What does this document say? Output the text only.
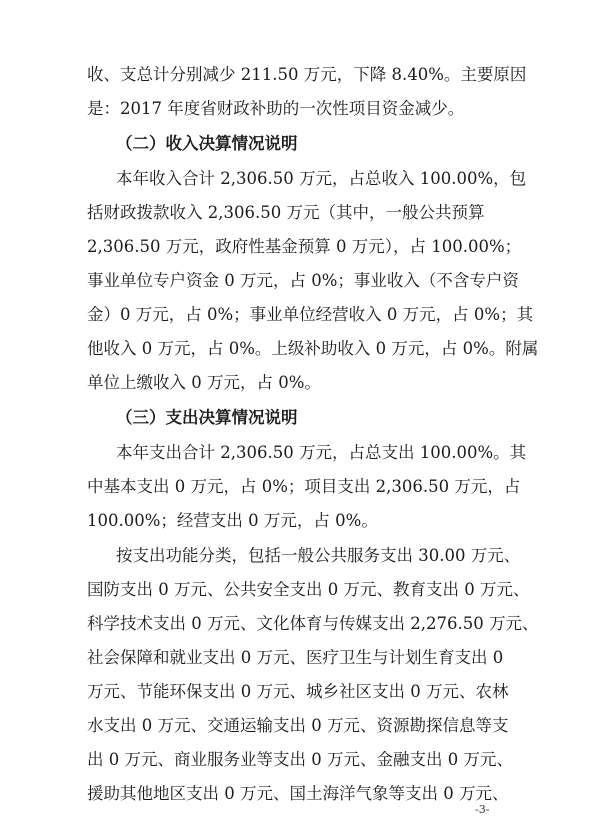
收、支总计分别减少 211.50 万元，下降 8.40%。主要原因
是：2017 年度省财政补助的一次性项目资金减少。
（二）收入决算情况说明
本年收入合计 2,306.50 万元，占总收入 100.00%，包
括财政拨款收入 2,306.50 万元（其中，一般公共预算
2,306.50 万元，政府性基金预算 0 万元），占 100.00%；
事业单位专户资金 0 万元，占 0%；事业收入（不含专户资
金）0 万元，占 0%；事业单位经营收入 0 万元，占 0%；其
他收入 0 万元，占 0%。上级补助收入 0 万元，占 0%。附属
单位上缴收入 0 万元，占 0%。
（三）支出决算情况说明
本年支出合计 2,306.50 万元，占总支出 100.00%。其
中基本支出 0 万元，占 0%；项目支出 2,306.50 万元，占
100.00%；经营支出 0 万元，占 0%。
按支出功能分类，包括一般公共服务支出 30.00 万元、
国防支出 0 万元、公共安全支出 0 万元、教育支出 0 万元、
科学技术支出 0 万元、文化体育与传媒支出 2,276.50 万元、
社会保障和就业支出 0 万元、医疗卫生与计划生育支出 0
万元、节能环保支出 0 万元、城乡社区支出 0 万元、农林
水支出 0 万元、交通运输支出 0 万元、资源勘探信息等支
出 0 万元、商业服务业等支出 0 万元、金融支出 0 万元、
援助其他地区支出 0 万元、国土海洋气象等支出 0 万元、
-3-
